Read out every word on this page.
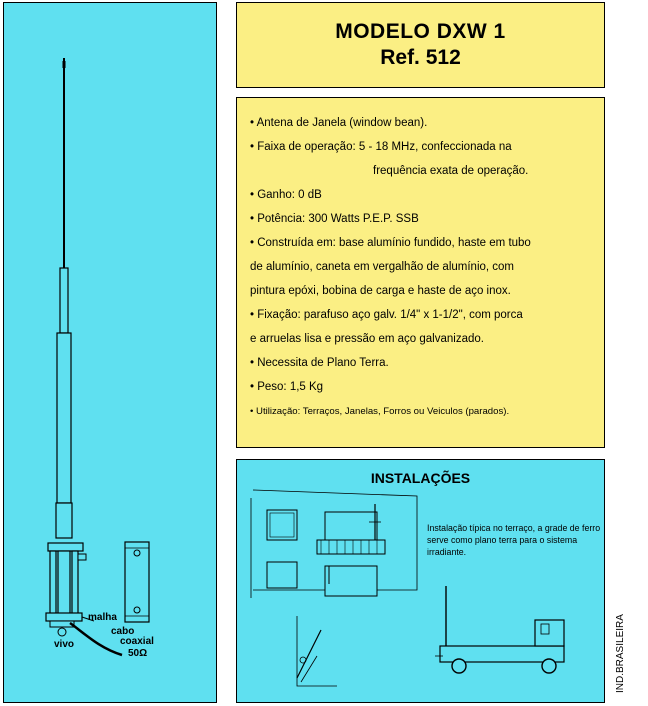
malha
cabo
coaxial
50Ω
vivo
MODELO DXW 1
Ref. 512
• Antena de Janela (window bean).
• Faixa de operação: 5 - 18 MHz, confeccionada na
frequência exata de operação.
• Ganho: 0 dB
• Potência: 300 Watts P.E.P. SSB
• Construída em: base alumínio fundido, haste em tubo
de alumínio, caneta em vergalhão de alumínio, com
pintura epóxi, bobina de carga e haste de aço inox.
• Fixação: parafuso aço galv. 1/4" x 1-1/2", com porca
e arruelas lisa e pressão em aço galvanizado.
• Necessita de Plano Terra.
• Peso: 1,5 Kg
• Utilização: Terraços, Janelas, Forros ou Veiculos (parados).
INSTALAÇÕES
Instalação típica no terraço, a grade de ferro serve como plano terra para o sistema irradiante.
IND.BRASILEIRA
